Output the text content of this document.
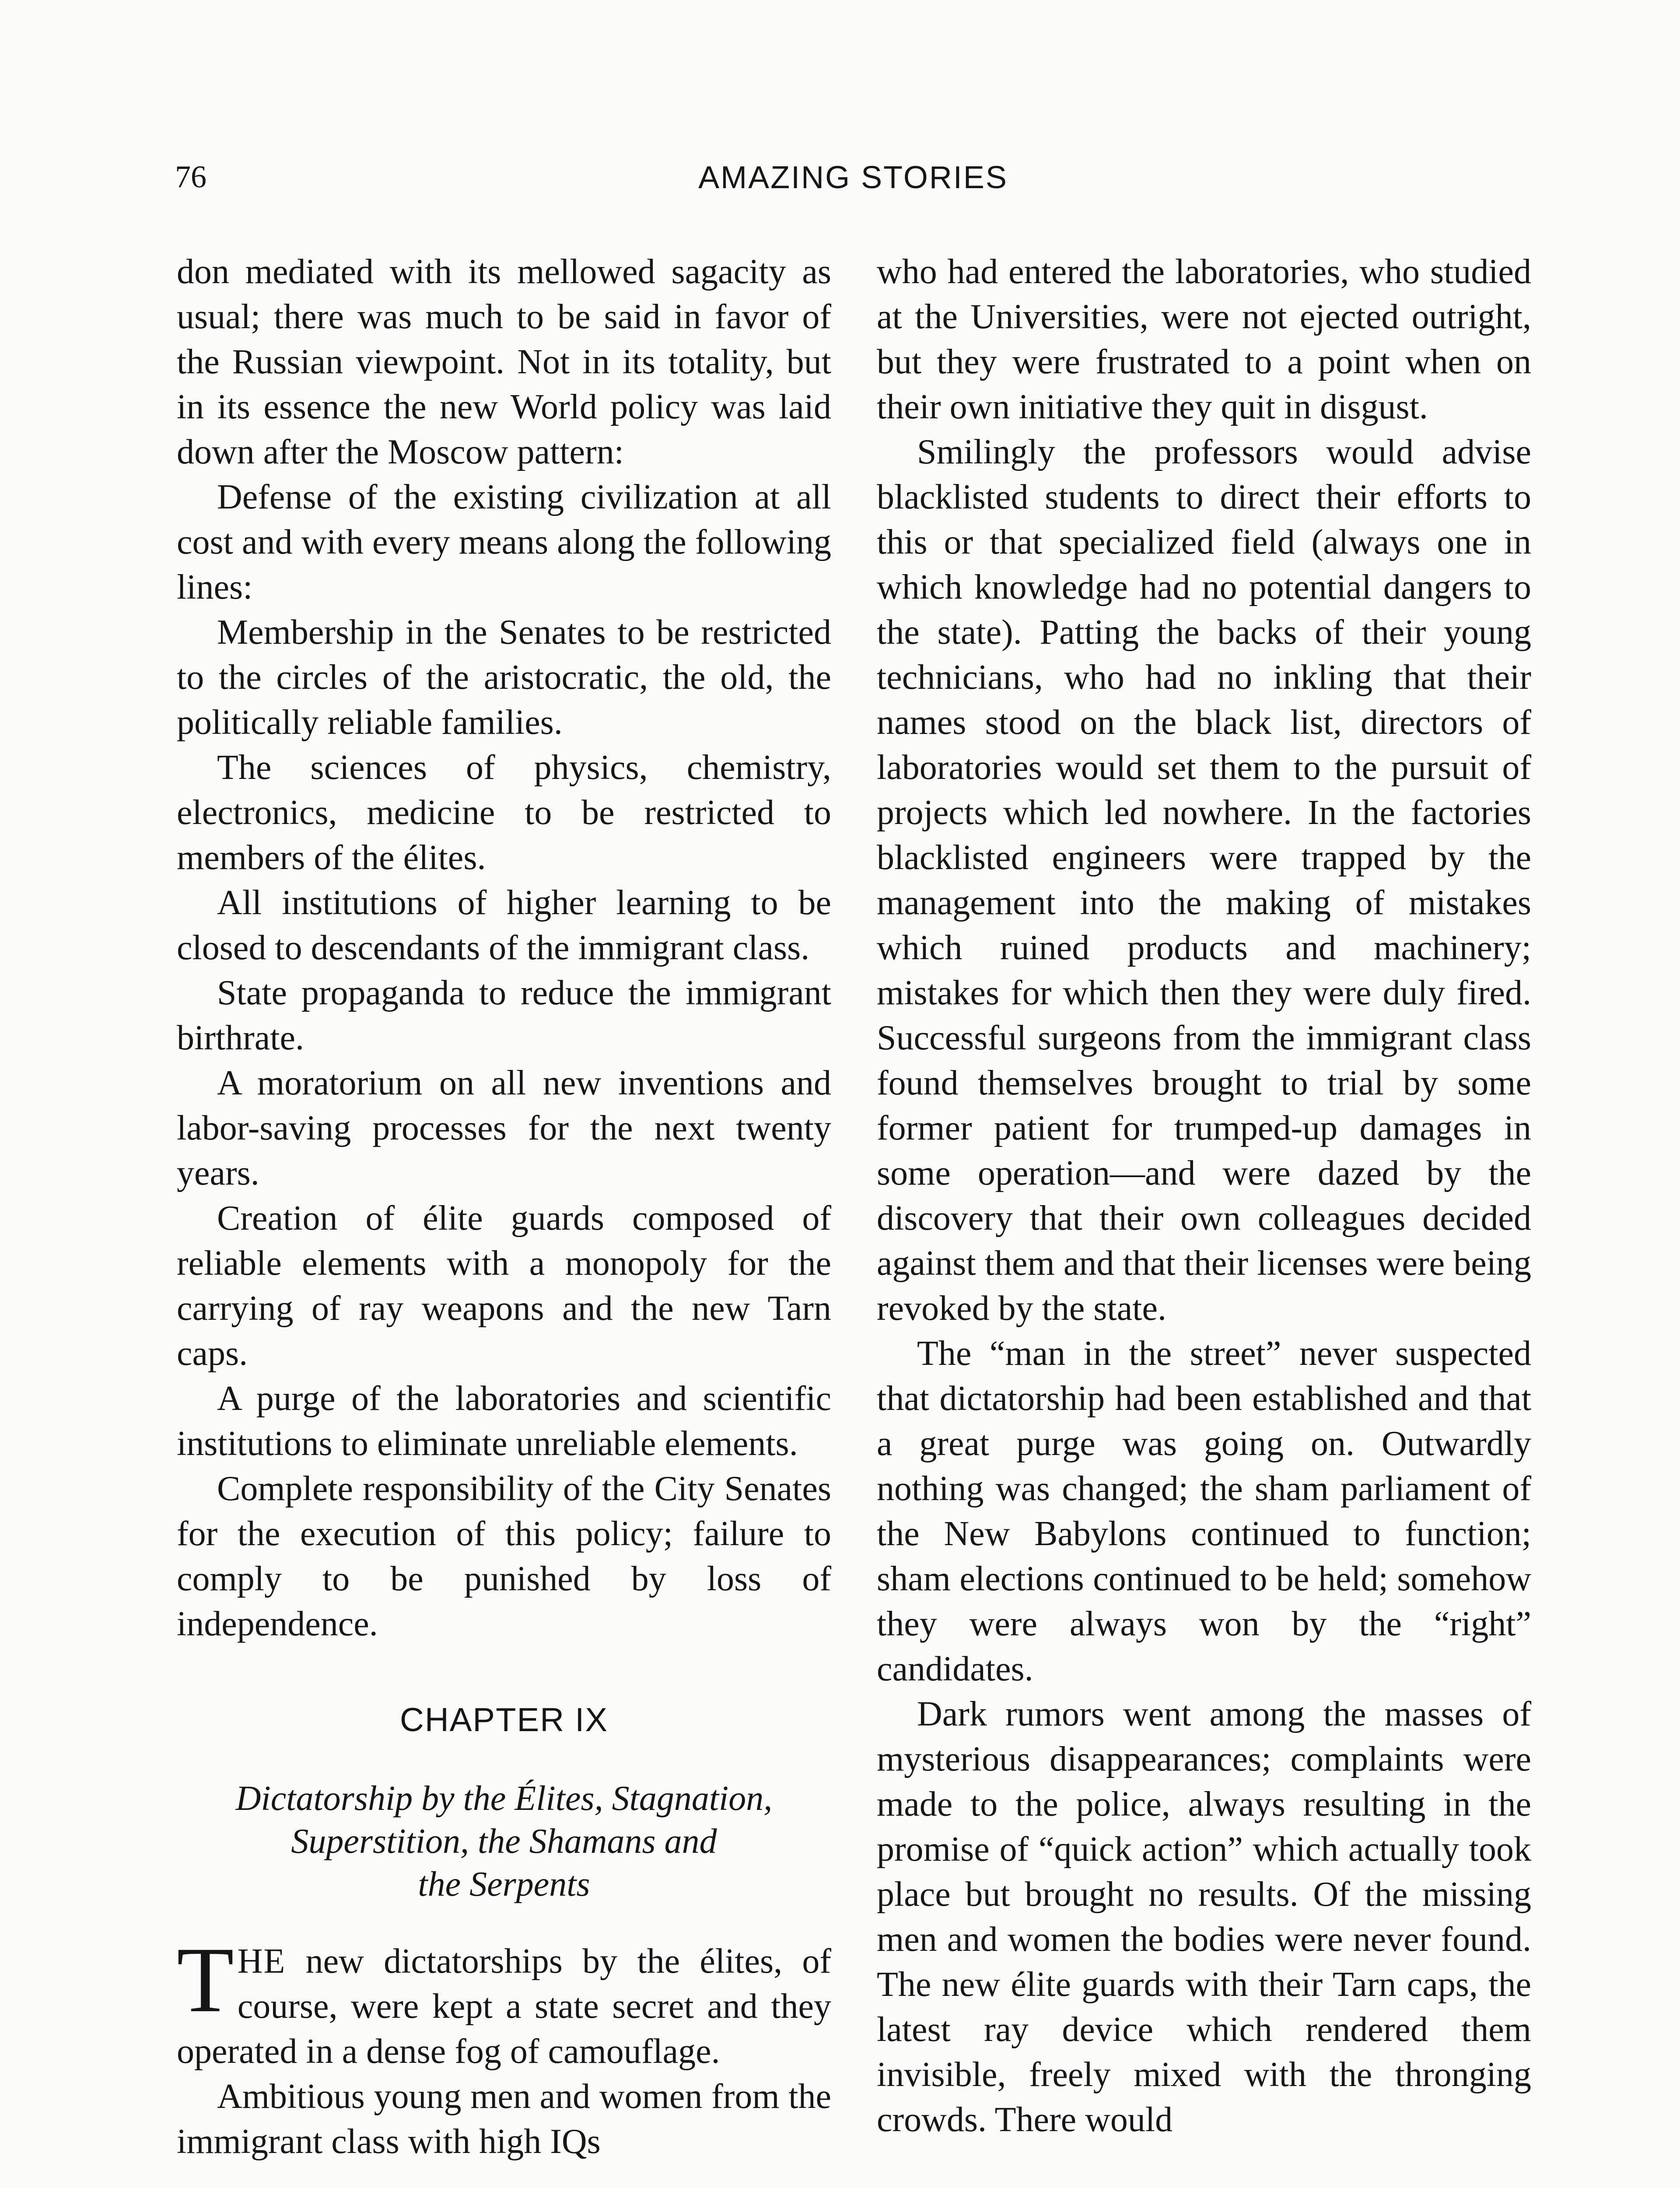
76	AMAZING STORIES

don mediated with its mellowed sagacity as usual; there was much to be said in favor of the Russian viewpoint. Not in its totality, but in its essence the new World policy was laid down after the Moscow pattern:

Defense of the existing civilization at all cost and with every means along the following lines:

Membership in the Senates to be restricted to the circles of the aristocratic, the old, the politically reliable families.

The sciences of physics, chemistry, electronics, medicine to be restricted to members of the élites.

All institutions of higher learning to be closed to descendants of the immigrant class.

State propaganda to reduce the immigrant birthrate.

A moratorium on all new inventions and labor-saving processes for the next twenty years.

Creation of élite guards composed of reliable elements with a monopoly for the carrying of ray weapons and the new Tarn caps.

A purge of the laboratories and scientific institutions to eliminate unreliable elements.

Complete responsibility of the City Senates for the execution of this policy; failure to comply to be punished by loss of independence.

CHAPTER IX
Dictatorship by the Élites, Stagnation,
Superstition, the Shamans and
the Serpents

THE new dictatorships by the élites, of course, were kept a state secret and they operated in a dense fog of camouflage.

Ambitious young men and women from the immigrant class with high IQs

who had entered the laboratories, who studied at the Universities, were not ejected outright, but they were frustrated to a point when on their own initiative they quit in disgust.

Smilingly the professors would advise blacklisted students to direct their efforts to this or that specialized field (always one in which knowledge had no potential dangers to the state). Patting the backs of their young technicians, who had no inkling that their names stood on the black list, directors of laboratories would set them to the pursuit of projects which led nowhere. In the factories blacklisted engineers were trapped by the management into the making of mistakes which ruined products and machinery; mistakes for which then they were duly fired. Successful surgeons from the immigrant class found themselves brought to trial by some former patient for trumped-up damages in some operation—and were dazed by the discovery that their own colleagues decided against them and that their licenses were being revoked by the state.

The “man in the street” never suspected that dictatorship had been established and that a great purge was going on. Outwardly nothing was changed; the sham parliament of the New Babylons continued to function; sham elections continued to be held; somehow they were always won by the “right” candidates.

Dark rumors went among the masses of mysterious disappearances; complaints were made to the police, always resulting in the promise of “quick action” which actually took place but brought no results. Of the missing men and women the bodies were never found. The new élite guards with their Tarn caps, the latest ray device which rendered them invisible, freely mixed with the thronging crowds. There would
